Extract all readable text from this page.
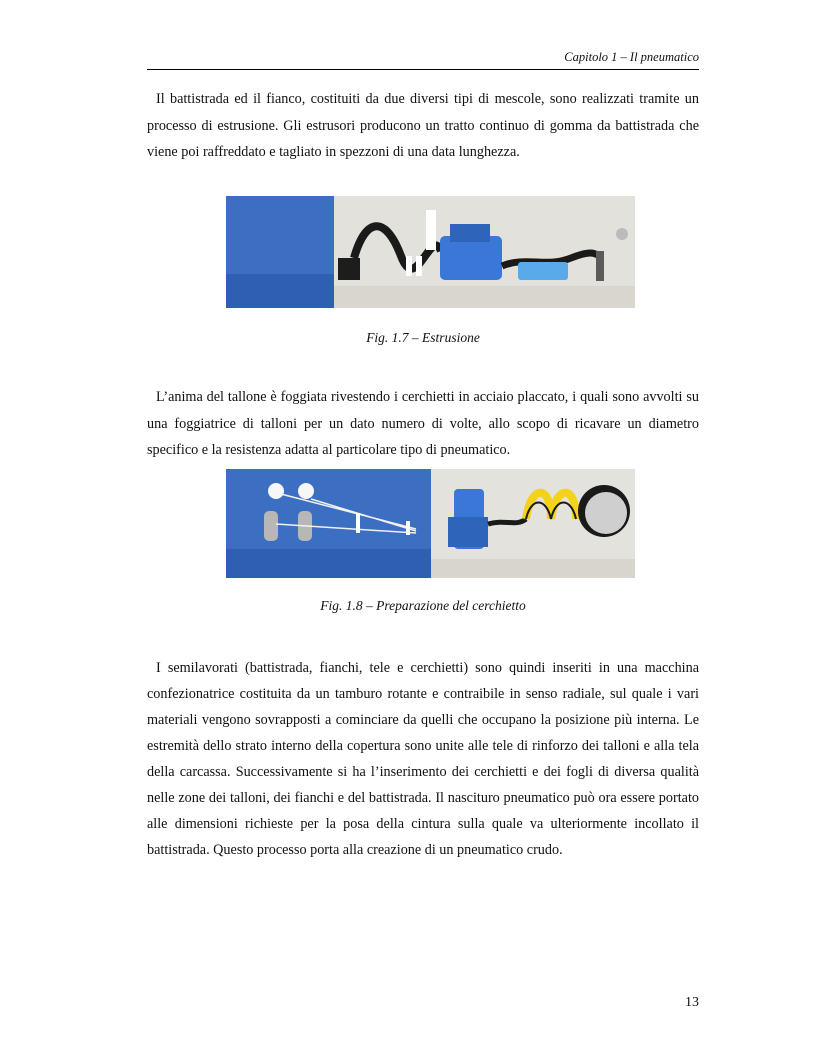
Capitolo 1 – Il pneumatico

Il battistrada ed il fianco, costituiti da due diversi tipi di mescole, sono realizzati tramite un processo di estrusione. Gli estrusori producono un tratto continuo di gomma da battistrada che viene poi raffreddato e tagliato in spezzoni di una data lunghezza.

Fig. 1.7 – Estrusione

L’anima del tallone è foggiata rivestendo i cerchietti in acciaio placcato, i quali sono avvolti su una foggiatrice di talloni per un dato numero di volte, allo scopo di ricavare un diametro specifico e la resistenza adatta al particolare tipo di pneumatico.

Fig. 1.8 – Preparazione del cerchietto

I semilavorati (battistrada, fianchi, tele e cerchietti) sono quindi inseriti in una macchina confezionatrice costituita da un tamburo rotante e contraibile in senso radiale, sul quale i vari materiali vengono sovrapposti a cominciare da quelli che occupano la posizione più interna. Le estremità dello strato interno della copertura sono unite alle tele di rinforzo dei talloni e alla tela della carcassa. Successivamente si ha l’inserimento dei cerchietti e dei fogli di diversa qualità nelle zone dei talloni, dei fianchi e del battistrada. Il nascituro pneumatico può ora essere portato alle dimensioni richieste per la posa della cintura sulla quale va ulteriormente incollato il battistrada. Questo processo porta alla creazione di un pneumatico crudo.

13
